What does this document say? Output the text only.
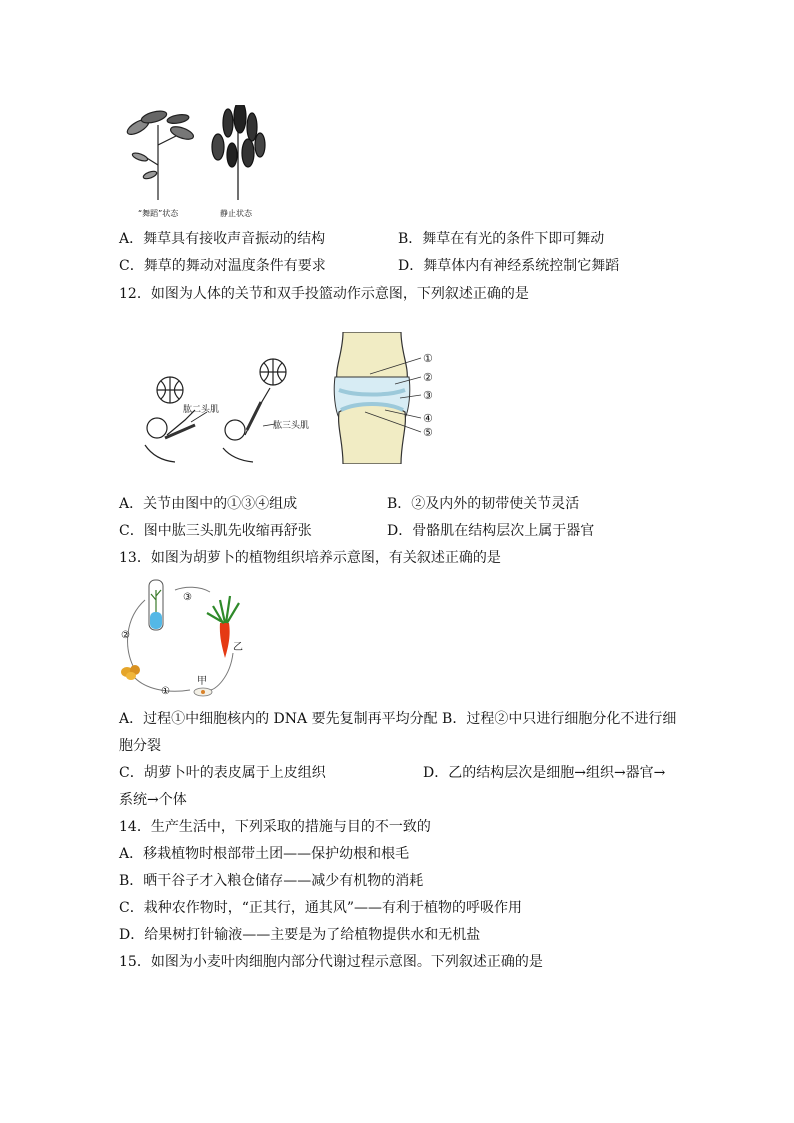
“舞蹈”状态	静止状态
A．舞草具有接收声音振动的结构	B．舞草在有光的条件下即可舞动
C．舞草的舞动对温度条件有要求	D．舞草体内有神经系统控制它舞蹈
12．如图为人体的关节和双手投篮动作示意图，下列叙述正确的是
肱二头肌
肱三头肌
①
②
③
④
⑤
A．关节由图中的①③④组成	B．②及内外的韧带使关节灵活
C．图中肱三头肌先收缩再舒张	D．骨骼肌在结构层次上属于器官
13．如图为胡萝卜的植物组织培养示意图，有关叙述正确的是
甲
乙
①
②
③
A．过程①中细胞核内的 DNA 要先复制再平均分配 B．过程②中只进行细胞分化不进行细
胞分裂
C．胡萝卜叶的表皮属于上皮组织	D．乙的结构层次是细胞→组织→器官→
系统→个体
14．生产生活中，下列采取的措施与目的不一致的
A．移栽植物时根部带土团——保护幼根和根毛
B．晒干谷子才入粮仓储存——减少有机物的消耗
C．栽种农作物时，“正其行，通其风”——有利于植物的呼吸作用
D．给果树打针输液——主要是为了给植物提供水和无机盐
15．如图为小麦叶肉细胞内部分代谢过程示意图。下列叙述正确的是
